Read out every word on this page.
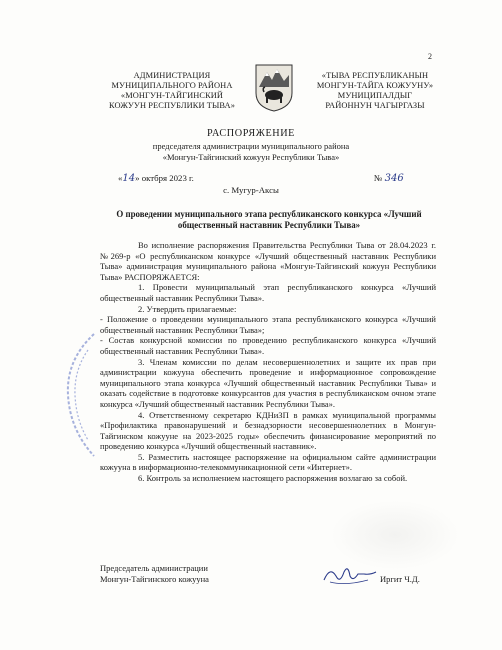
2
АДМИНИСТРАЦИЯ
МУНИЦИПАЛЬНОГО РАЙОНА
«МОНГУН-ТАЙГИНСКИЙ
КОЖУУН РЕСПУБЛИКИ ТЫВА»
«ТЫВА РЕСПУБЛИКАНЫН
МОНГУН-ТАЙГА КОЖУУНУ»
МУНИЦИПАЛДЫГ
РАЙОННУН ЧАГЫРГАЗЫ
РАСПОРЯЖЕНИЕ
председателя администрации муниципального района
«Монгун-Тайгинский кожуун Республики Тыва»
«14» октбря 2023 г.
с. Мугур-Аксы
№ 346
О проведении муниципального этапа республиканского конкурса «Лучший общественный наставник Республики Тыва»

Во исполнение распоряжения Правительства Республики Тыва от 28.04.2023 г. №269-р «О республиканском конкурсе «Лучший общественный наставник Республики Тыва» администрация муниципального района «Монгун-Тайгинский кожуун Республики Тыва» РАСПОРЯЖАЕТСЯ:

1. Провести муниципальный этап республиканского конкурса «Лучший общественный наставник Республики Тыва».

2. Утвердить прилагаемые:

- Положение о проведении муниципального этапа республиканского конкурса «Лучший общественный наставник Республики Тыва»;

- Состав конкурсной комиссии по проведению республиканского конкурса «Лучший общественный наставник Республики Тыва».

3. Членам комиссии по делам несовершеннолетних и защите их прав при администрации кожууна обеспечить проведение и информационное сопровождение муниципального этапа конкурса «Лучший общественный наставник Республики Тыва» и оказать содействие в подготовке конкурсантов для участия в республиканском очном этапе конкурса «Лучший общественный наставник Республики Тыва».

4. Ответственному секретарю КДНиЗП в рамках муниципальной программы «Профилактика правонарушений и безнадзорности несовершеннолетних в Монгун-Тайгинском кожууне на 2023-2025 годы» обеспечить финансирование мероприятий по проведению конкурса «Лучший общественный наставник».

5. Разместить настоящее распоряжение на официальном сайте администрации кожууна в информационно-телекоммуникационной сети «Интернет».

6. Контроль за исполнением настоящего распоряжения возлагаю за собой.

Председатель администрации
Монгун-Тайгинского кожууна	Иргит Ч.Д.
